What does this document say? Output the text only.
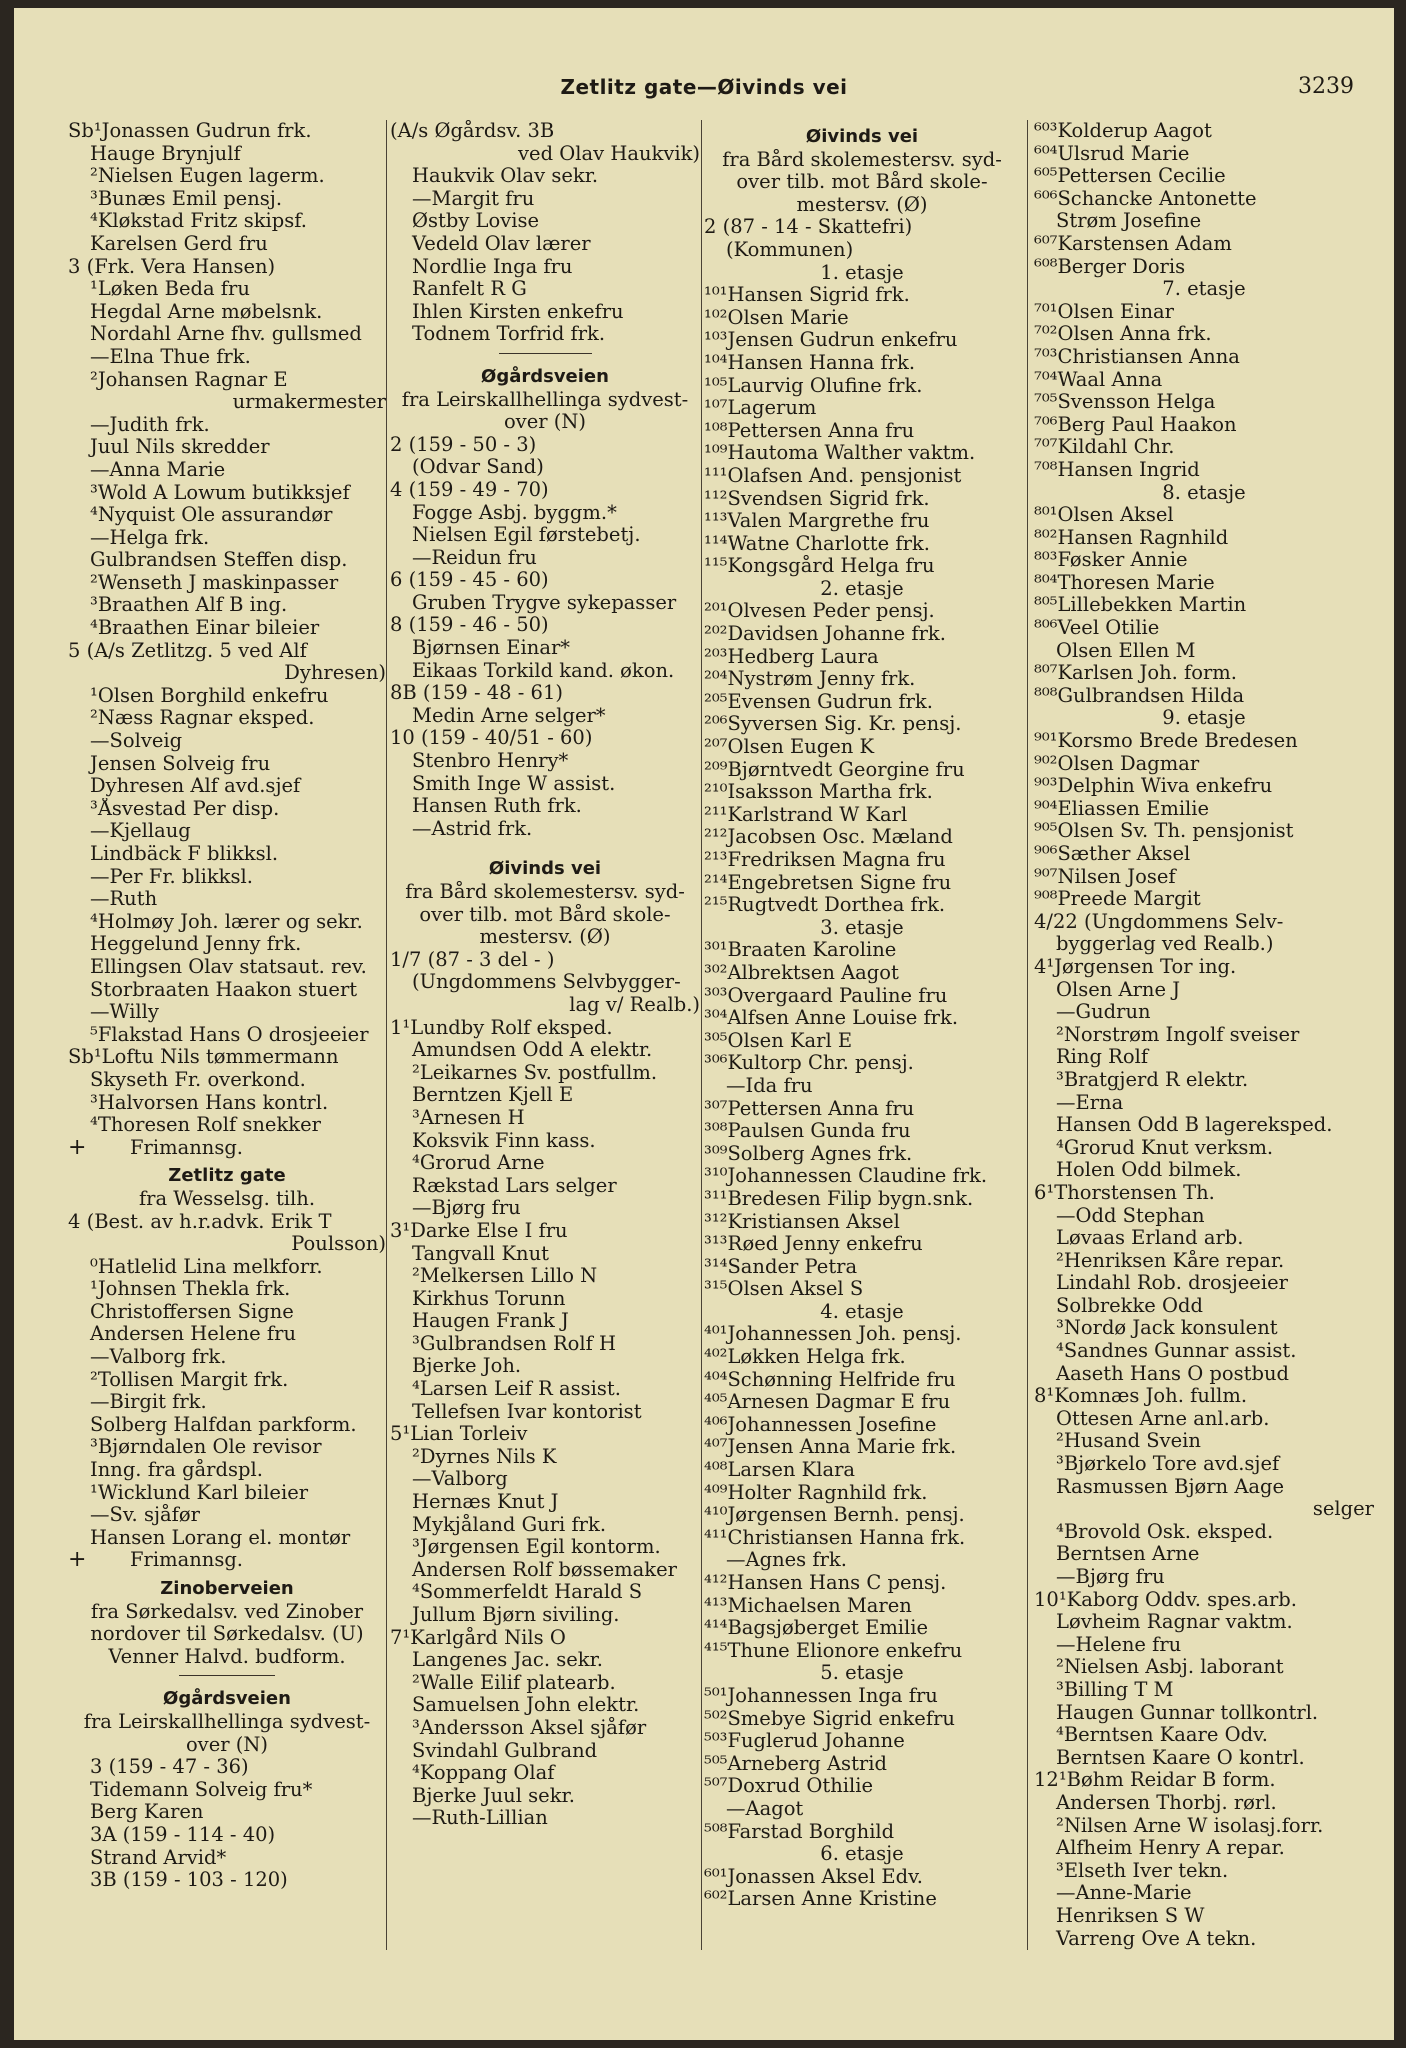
Zetlitz gate—Øivinds vei	3239
Sb¹Jonassen Gudrun frk.
Hauge Brynjulf
²Nielsen Eugen lagerm.
³Bunæs Emil pensj.
⁴Kløkstad Fritz skipsf.
Karelsen Gerd fru
3 (Frk. Vera Hansen)
¹Løken Beda fru
Hegdal Arne møbelsnk.
Nordahl Arne fhv. gullsmed
—Elna Thue frk.
²Johansen Ragnar E
urmakermester
—Judith frk.
Juul Nils skredder
—Anna Marie
³Wold A Lowum butikksjef
⁴Nyquist Ole assurandør
—Helga frk.
Gulbrandsen Steffen disp.
²Wenseth J maskinpasser
³Braathen Alf B ing.
⁴Braathen Einar bileier
5 (A/s Zetlitzg. 5 ved Alf
Dyhresen)
¹Olsen Borghild enkefru
²Næss Ragnar eksped.
—Solveig
Jensen Solveig fru
Dyhresen Alf avd.sjef
³Åsvestad Per disp.
—Kjellaug
Lindbäck F blikksl.
—Per Fr. blikksl.
—Ruth
⁴Holmøy Joh. lærer og sekr.
Heggelund Jenny frk.
Ellingsen Olav statsaut. rev.
Storbraaten Haakon stuert
—Willy
⁵Flakstad Hans O drosjeeier
Sb¹Loftu Nils tømmermann
Skyseth Fr. overkond.
³Halvorsen Hans kontrl.
⁴Thoresen Rolf snekker
+ Frimannsg.
Zetlitz gate
fra Wesselsg. tilh.
4 (Best. av h.r.advk. Erik T
Poulsson)
⁰Hatlelid Lina melkforr.
¹Johnsen Thekla frk.
Christoffersen Signe
Andersen Helene fru
—Valborg frk.
²Tollisen Margit frk.
—Birgit frk.
Solberg Halfdan parkform.
³Bjørndalen Ole revisor
Inng. fra gårdspl.
¹Wicklund Karl bileier
—Sv. sjåfør
Hansen Lorang el. montør
+ Frimannsg.
Zinoberveien
fra Sørkedalsv. ved Zinober
nordover til Sørkedalsv. (U)
Venner Halvd. budform.
Øgårdsveien
fra Leirskallhellinga sydvest-
over (N)
3 (159 - 47 - 36)
Tidemann Solveig fru*
Berg Karen
3A (159 - 114 - 40)
Strand Arvid*
3B (159 - 103 - 120)
(A/s Øgårdsv. 3B
ved Olav Haukvik)
Haukvik Olav sekr.
—Margit fru
Østby Lovise
Vedeld Olav lærer
Nordlie Inga fru
Ranfelt R G
Ihlen Kirsten enkefru
Todnem Torfrid frk.
Øgårdsveien
fra Leirskallhellinga sydvest-
over (N)
2 (159 - 50 - 3)
(Odvar Sand)
4 (159 - 49 - 70)
Fogge Asbj. byggm.*
Nielsen Egil førstebetj.
—Reidun fru
6 (159 - 45 - 60)
Gruben Trygve sykepasser
8 (159 - 46 - 50)
Bjørnsen Einar*
Eikaas Torkild kand. økon.
8B (159 - 48 - 61)
Medin Arne selger*
10 (159 - 40/51 - 60)
Stenbro Henry*
Smith Inge W assist.
Hansen Ruth frk.
—Astrid frk.
Øivinds vei
fra Bård skolemestersv. syd-
over tilb. mot Bård skole-
mestersv. (Ø)
1/7 (87 - 3 del - )
(Ungdommens Selvbygger-
lag v/ Realb.)
1¹Lundby Rolf eksped.
Amundsen Odd A elektr.
²Leikarnes Sv. postfullm.
Berntzen Kjell E
³Arnesen H
Koksvik Finn kass.
⁴Grorud Arne
Rækstad Lars selger
—Bjørg fru
3¹Darke Else I fru
Tangvall Knut
²Melkersen Lillo N
Kirkhus Torunn
Haugen Frank J
³Gulbrandsen Rolf H
Bjerke Joh.
⁴Larsen Leif R assist.
Tellefsen Ivar kontorist
5¹Lian Torleiv
²Dyrnes Nils K
—Valborg
Hernæs Knut J
Mykjåland Guri frk.
³Jørgensen Egil kontorm.
Andersen Rolf bøssemaker
⁴Sommerfeldt Harald S
Jullum Bjørn siviling.
7¹Karlgård Nils O
Langenes Jac. sekr.
²Walle Eilif platearb.
Samuelsen John elektr.
³Andersson Aksel sjåfør
Svindahl Gulbrand
⁴Koppang Olaf
Bjerke Juul sekr.
—Ruth-Lillian
Øivinds vei
fra Bård skolemestersv. syd-
over tilb. mot Bård skole-
mestersv. (Ø)
2 (87 - 14 - Skattefri)
(Kommunen)
1. etasje
¹⁰¹Hansen Sigrid frk.
¹⁰²Olsen Marie
¹⁰³Jensen Gudrun enkefru
¹⁰⁴Hansen Hanna frk.
¹⁰⁵Laurvig Olufine frk.
¹⁰⁷Lagerum
¹⁰⁸Pettersen Anna fru
¹⁰⁹Hautoma Walther vaktm.
¹¹¹Olafsen And. pensjonist
¹¹²Svendsen Sigrid frk.
¹¹³Valen Margrethe fru
¹¹⁴Watne Charlotte frk.
¹¹⁵Kongsgård Helga fru
2. etasje
²⁰¹Olvesen Peder pensj.
²⁰²Davidsen Johanne frk.
²⁰³Hedberg Laura
²⁰⁴Nystrøm Jenny frk.
²⁰⁵Evensen Gudrun frk.
²⁰⁶Syversen Sig. Kr. pensj.
²⁰⁷Olsen Eugen K
²⁰⁹Bjørntvedt Georgine fru
²¹⁰Isaksson Martha frk.
²¹¹Karlstrand W Karl
²¹²Jacobsen Osc. Mæland
²¹³Fredriksen Magna fru
²¹⁴Engebretsen Signe fru
²¹⁵Rugtvedt Dorthea frk.
3. etasje
³⁰¹Braaten Karoline
³⁰²Albrektsen Aagot
³⁰³Overgaard Pauline fru
³⁰⁴Alfsen Anne Louise frk.
³⁰⁵Olsen Karl E
³⁰⁶Kultorp Chr. pensj.
—Ida fru
³⁰⁷Pettersen Anna fru
³⁰⁸Paulsen Gunda fru
³⁰⁹Solberg Agnes frk.
³¹⁰Johannessen Claudine frk.
³¹¹Bredesen Filip bygn.snk.
³¹²Kristiansen Aksel
³¹³Røed Jenny enkefru
³¹⁴Sander Petra
³¹⁵Olsen Aksel S
4. etasje
⁴⁰¹Johannessen Joh. pensj.
⁴⁰²Løkken Helga frk.
⁴⁰⁴Schønning Helfride fru
⁴⁰⁵Arnesen Dagmar E fru
⁴⁰⁶Johannessen Josefine
⁴⁰⁷Jensen Anna Marie frk.
⁴⁰⁸Larsen Klara
⁴⁰⁹Holter Ragnhild frk.
⁴¹⁰Jørgensen Bernh. pensj.
⁴¹¹Christiansen Hanna frk.
—Agnes frk.
⁴¹²Hansen Hans C pensj.
⁴¹³Michaelsen Maren
⁴¹⁴Bagsjøberget Emilie
⁴¹⁵Thune Elionore enkefru
5. etasje
⁵⁰¹Johannessen Inga fru
⁵⁰²Smebye Sigrid enkefru
⁵⁰³Fuglerud Johanne
⁵⁰⁵Arneberg Astrid
⁵⁰⁷Doxrud Othilie
—Aagot
⁵⁰⁸Farstad Borghild
6. etasje
⁶⁰¹Jonassen Aksel Edv.
⁶⁰²Larsen Anne Kristine
⁶⁰³Kolderup Aagot
⁶⁰⁴Ulsrud Marie
⁶⁰⁵Pettersen Cecilie
⁶⁰⁶Schancke Antonette
Strøm Josefine
⁶⁰⁷Karstensen Adam
⁶⁰⁸Berger Doris
7. etasje
⁷⁰¹Olsen Einar
⁷⁰²Olsen Anna frk.
⁷⁰³Christiansen Anna
⁷⁰⁴Waal Anna
⁷⁰⁵Svensson Helga
⁷⁰⁶Berg Paul Haakon
⁷⁰⁷Kildahl Chr.
⁷⁰⁸Hansen Ingrid
8. etasje
⁸⁰¹Olsen Aksel
⁸⁰²Hansen Ragnhild
⁸⁰³Føsker Annie
⁸⁰⁴Thoresen Marie
⁸⁰⁵Lillebekken Martin
⁸⁰⁶Veel Otilie
Olsen Ellen M
⁸⁰⁷Karlsen Joh. form.
⁸⁰⁸Gulbrandsen Hilda
9. etasje
⁹⁰¹Korsmo Brede Bredesen
⁹⁰²Olsen Dagmar
⁹⁰³Delphin Wiva enkefru
⁹⁰⁴Eliassen Emilie
⁹⁰⁵Olsen Sv. Th. pensjonist
⁹⁰⁶Sæther Aksel
⁹⁰⁷Nilsen Josef
⁹⁰⁸Preede Margit
4/22 (Ungdommens Selv-
byggerlag ved Realb.)
4¹Jørgensen Tor ing.
Olsen Arne J
—Gudrun
²Norstrøm Ingolf sveiser
Ring Rolf
³Bratgjerd R elektr.
—Erna
Hansen Odd B lagereksped.
⁴Grorud Knut verksm.
Holen Odd bilmek.
6¹Thorstensen Th.
—Odd Stephan
Løvaas Erland arb.
²Henriksen Kåre repar.
Lindahl Rob. drosjeeier
Solbrekke Odd
³Nordø Jack konsulent
⁴Sandnes Gunnar assist.
Aaseth Hans O postbud
8¹Komnæs Joh. fullm.
Ottesen Arne anl.arb.
²Husand Svein
³Bjørkelo Tore avd.sjef
Rasmussen Bjørn Aage
selger
⁴Brovold Osk. eksped.
Berntsen Arne
—Bjørg fru
10¹Kaborg Oddv. spes.arb.
Løvheim Ragnar vaktm.
—Helene fru
²Nielsen Asbj. laborant
³Billing T M
Haugen Gunnar tollkontrl.
⁴Berntsen Kaare Odv.
Berntsen Kaare O kontrl.
12¹Bøhm Reidar B form.
Andersen Thorbj. rørl.
²Nilsen Arne W isolasj.forr.
Alfheim Henry A repar.
³Elseth Iver tekn.
—Anne-Marie
Henriksen S W
Varreng Ove A tekn.
